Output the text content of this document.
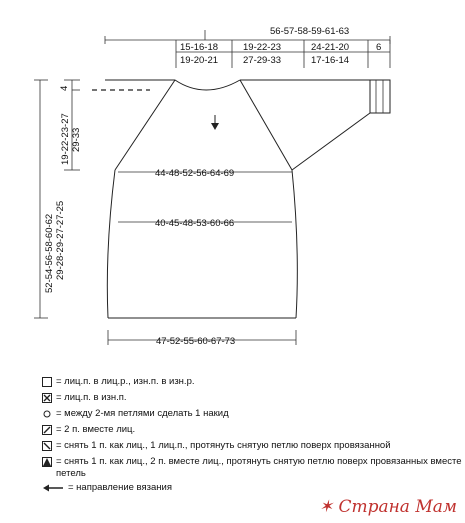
56-57-58-59-61-63
15-16-18
19-20-21
19-22-23
27-29-33
24-21-20
17-16-14
6
44-48-52-56-64-69
40-45-48-53-60-66
47-52-55-60-67-73
4
19-22-23-27 29-33
52-54-56-58-60-62 29-28-29-27-27-25
= лиц.п. в лиц.р., изн.п. в изн.р.
= лиц.п. в изн.п.
= между 2-мя петлями сделать 1 накид
= 2 п. вместе лиц.
= снять 1 п. как лиц., 1 лиц.п., протянуть снятую петлю поверх провязанной
= снять 1 п. как лиц., 2 п. вместе лиц., протянуть снятую петлю поверх провязанных вместе петель
= направление вязания
✶ Страна Мам
